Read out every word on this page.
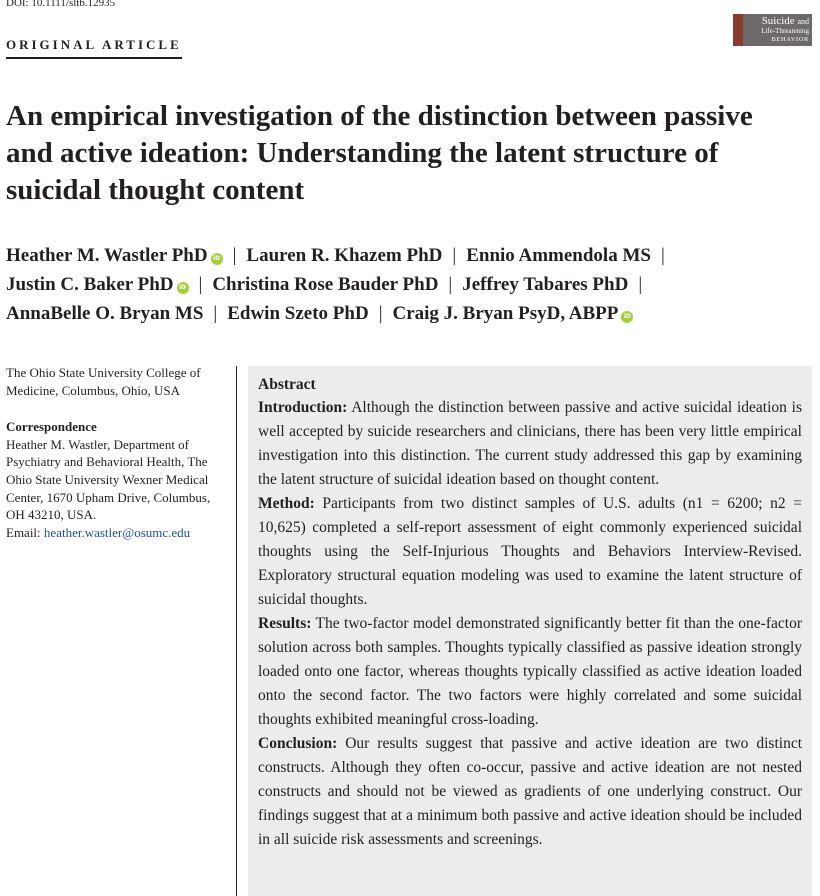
DOI: 10.1111/sltb.12935
Suicide and
Life-Threatening
BEHAVIOR
ORIGINAL ARTICLE
An empirical investigation of the distinction between passive and active ideation: Understanding the latent structure of suicidal thought content
Heather M. Wastler PhD iD | Lauren R. Khazem PhD | Ennio Ammendola MS |
Justin C. Baker PhD iD | Christina Rose Bauder PhD | Jeffrey Tabares PhD |
AnnaBelle O. Bryan MS | Edwin Szeto PhD | Craig J. Bryan PsyD, ABPP iD
The Ohio State University College of Medicine, Columbus, Ohio, USA
Correspondence
Heather M. Wastler, Department of Psychiatry and Behavioral Health, The Ohio State University Wexner Medical Center, 1670 Upham Drive, Columbus, OH 43210, USA.
Email: heather.wastler@osumc.edu
Abstract

Introduction: Although the distinction between passive and active suicidal ideation is well accepted by suicide researchers and clinicians, there has been very little empirical investigation into this distinction. The current study addressed this gap by examining the latent structure of suicidal ideation based on thought content.

Method: Participants from two distinct samples of U.S. adults (n1 = 6200; n2 = 10,625) completed a self-report assessment of eight commonly experienced suicidal thoughts using the Self-Injurious Thoughts and Behaviors Interview-Revised. Exploratory structural equation modeling was used to examine the latent structure of suicidal thoughts.

Results: The two-factor model demonstrated significantly better fit than the one-factor solution across both samples. Thoughts typically classified as passive ideation strongly loaded onto one factor, whereas thoughts typically classified as active ideation loaded onto the second factor. The two factors were highly correlated and some suicidal thoughts exhibited meaningful cross-loading.

Conclusion: Our results suggest that passive and active ideation are two distinct constructs. Although they often co-occur, passive and active ideation are not nested constructs and should not be viewed as gradients of one underlying construct. Our findings suggest that at a minimum both passive and active ideation should be included in all suicide risk assessments and screenings.
